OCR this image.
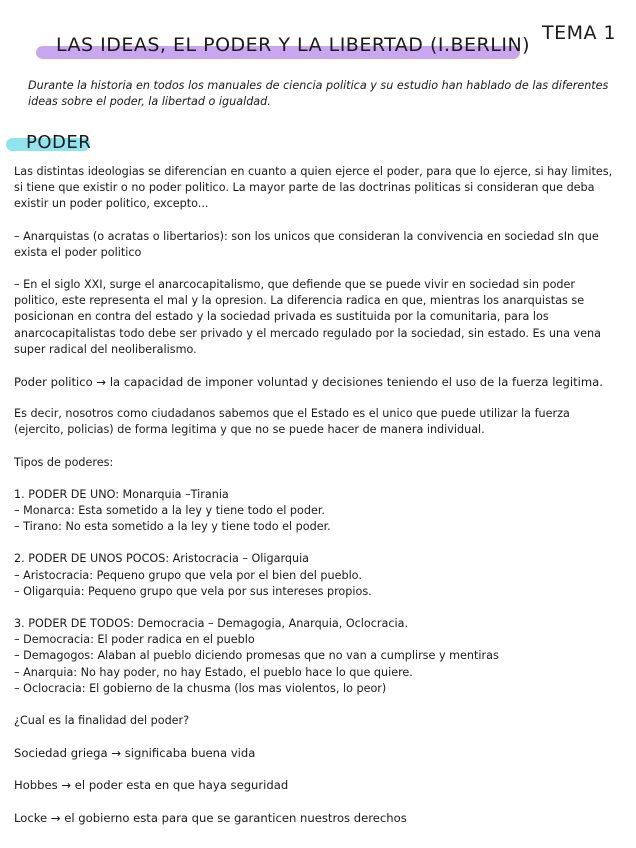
LAS IDEAS, EL PODER Y LA LIBERTAD (I.BERLIN)
TEMA 1
Durante la historia en todos los manuales de ciencia politica y su estudio han hablado de las diferentes
ideas sobre el poder, la libertad o igualdad.
PODER
Las distintas ideologias se diferencian en cuanto a quien ejerce el poder, para que lo ejerce, si hay limites,
si tiene que existir o no poder politico. La mayor parte de las doctrinas politicas si consideran que deba
existir un poder politico, excepto...
– Anarquistas (o acratas o libertarios): son los unicos que consideran la convivencia en sociedad sIn que
exista el poder politico
– En el siglo XXI, surge el anarcocapitalismo, que defiende que se puede vivir en sociedad sin poder
politico, este representa el mal y la opresion. La diferencia radica en que, mientras los anarquistas se
posicionan en contra del estado y la sociedad privada es sustituida por la comunitaria, para los
anarcocapitalistas todo debe ser privado y el mercado regulado por la sociedad, sin estado. Es una vena
super radical del neoliberalismo.
Poder politico → la capacidad de imponer voluntad y decisiones teniendo el uso de la fuerza legitima.
Es decir, nosotros como ciudadanos sabemos que el Estado es el unico que puede utilizar la fuerza
(ejercito, policias) de forma legitima y que no se puede hacer de manera individual.
Tipos de poderes:
1. PODER DE UNO: Monarquia –Tirania
– Monarca: Esta sometido a la ley y tiene todo el poder.
– Tirano: No esta sometido a la ley y tiene todo el poder.
2. PODER DE UNOS POCOS: Aristocracia – Oligarquia
– Aristocracia: Pequeno grupo que vela por el bien del pueblo.
– Oligarquia: Pequeno grupo que vela por sus intereses propios.
3. PODER DE TODOS: Democracia – Demagogia, Anarquia, Oclocracia.
– Democracia: El poder radica en el pueblo
– Demagogos: Alaban al pueblo diciendo promesas que no van a cumplirse y mentiras
– Anarquia: No hay poder, no hay Estado, el pueblo hace lo que quiere.
– Oclocracia: El gobierno de la chusma (los mas violentos, lo peor)
¿Cual es la finalidad del poder?
Sociedad griega → significaba buena vida
Hobbes → el poder esta en que haya seguridad
Locke → el gobierno esta para que se garanticen nuestros derechos
